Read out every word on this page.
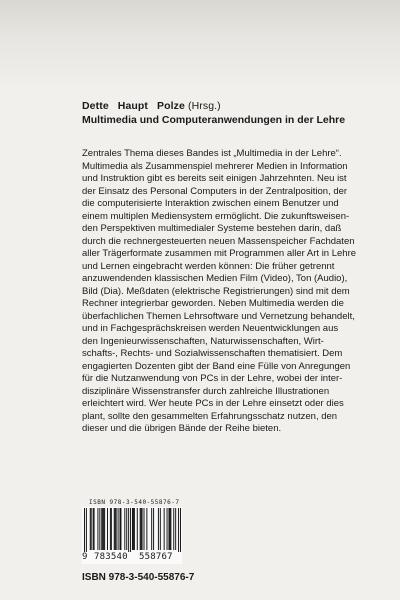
Dette Haupt Polze (Hrsg.)
Multimedia und Computeranwendungen in der Lehre
Zentrales Thema dieses Bandes ist „Multimedia in der Lehre“.
Multimedia als Zusammenspiel mehrerer Medien in Information
und Instruktion gibt es bereits seit einigen Jahrzehnten. Neu ist
der Einsatz des Personal Computers in der Zentralposition, der
die computerisierte Interaktion zwischen einem Benutzer und
einem multiplen Mediensystem ermöglicht. Die zukunftsweisen-
den Perspektiven multimedialer Systeme bestehen darin, daß
durch die rechnergesteuerten neuen Massenspeicher Fachdaten
aller Trägerformate zusammen mit Programmen aller Art in Lehre
und Lernen eingebracht werden können: Die früher getrennt
anzuwendenden klassischen Medien Film (Video), Ton (Audio),
Bild (Dia). Meßdaten (elektrische Registrierungen) sind mit dem
Rechner integrierbar geworden. Neben Multimedia werden die
überfachlichen Themen Lehrsoftware und Vernetzung behandelt,
und in Fachgesprächskreisen werden Neuentwicklungen aus
den Ingenieurwissenschaften, Naturwissenschaften, Wirt-
schafts-, Rechts- und Sozialwissenschaften thematisiert. Dem
engagierten Dozenten gibt der Band eine Fülle von Anregungen
für die Nutzanwendung von PCs in der Lehre, wobei der inter-
disziplinäre Wissenstransfer durch zahlreiche Illustrationen
erleichtert wird. Wer heute PCs in der Lehre einsetzt oder dies
plant, sollte den gesammelten Erfahrungsschatz nutzen, den
dieser und die übrigen Bände der Reihe bieten.
ISBN 978-3-540-55876-7
9 783540 558767
ISBN 978-3-540-55876-7
